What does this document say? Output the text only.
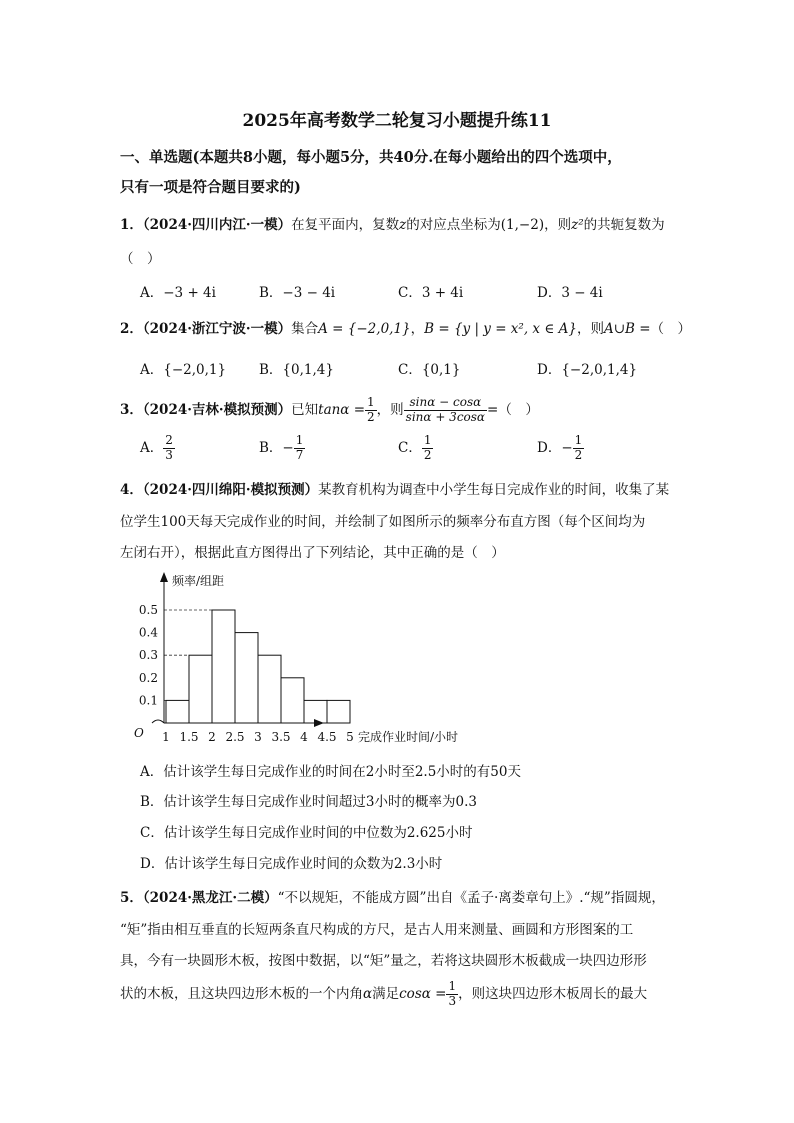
2025年高考数学二轮复习小题提升练11
一、单选题(本题共8小题，每小题5分，共40分.在每小题给出的四个选项中，
只有一项是符合题目要求的)
1．（2024·四川内江·一模）在复平面内，复数z的对应点坐标为(1,−2)，则z²的共轭复数为
（　）
A．−3 + 4i	B．−3 − 4i	C．3 + 4i	D．3 − 4i
2．（2024·浙江宁波·一模）集合A = {−2,0,1}，B = {y | y = x², x ∈ A}，则A∪B =（　）
A．{−2,0,1} B．{0,1,4}	C．{0,1}	D．{−2,0,1,4}
3．（2024·吉林·模拟预测）已知$\tan\alpha = \frac{1}{2}$ ，则 $\frac{\sin\alpha - \cos\alpha}{\sin\alpha + 3\cos\alpha}$ =（　）
A． $\frac{2}{3}$	B．− $\frac{1}{7}$	C． $\frac{1}{2}$	D．− $\frac{1}{2}$
4．（2024·四川绵阳·模拟预测）某教育机构为调查中小学生每日完成作业的时间，收集了某
位学生100天每天完成作业的时间，并绘制了如图所示的频率分布直方图（每个区间均为
左闭右开），根据此直方图得出了下列结论，其中正确的是（　）
1 1.5 2 2.5 3 3.5 4 4.5 5
0.1
0.2
0.3
0.4
0.5
O
频率/组距
完成作业时间/小时
A．估计该学生每日完成作业的时间在2小时至2.5小时的有50天
B．估计该学生每日完成作业时间超过3小时的概率为0.3
C．估计该学生每日完成作业时间的中位数为2.625小时
D．估计该学生每日完成作业时间的众数为2.3小时
5．（2024·黑龙江·二模）“不以规矩，不能成方圆”出自《孟子·离娄章句上》.“规”指圆规，
“矩”指由相互垂直的长短两条直尺构成的方尺，是古人用来测量、画圆和方形图案的工
具，今有一块圆形木板，按图中数据，以“矩”量之，若将这块圆形木板截成一块四边形形
状的木板，且这块四边形木板的一个内角α满足$\cos\alpha = \frac{1}{3}$ ，则这块四边形木板周长的最大
